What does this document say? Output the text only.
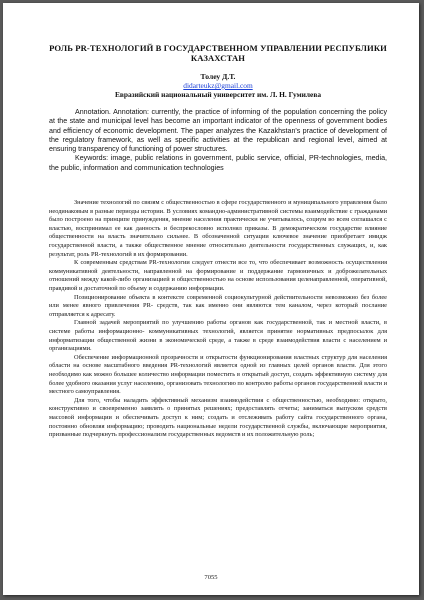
РОЛЬ PR-ТЕХНОЛОГИЙ В ГОСУДАРСТВЕННОМ УПРАВЛЕНИИ РЕСПУБЛИКИ КАЗАХСТАН

Толеу Д.Т.
didarteukz@gmail.com
Евразийский национальный университет им. Л. Н. Гумилева

Annotation. Annotation: currently, the practice of informing of the population concerning the policy at the state and municipal level has become an important indicator of the openness of government bodies and efficiency of economic development. The paper analyzes the Kazakhstan's practice of development of the regulatory framework, as well as specific activities at the republican and regional level, aimed at ensuring transparency of functioning of power structures.

Keywords: image, public relations in government, public service, official, PR-technologies, media, the public, information and communication technologies

Значение технологий по связям с общественностью в сфере государственного и муниципального управления было неодинаковым в разные периоды истории. В условиях командно-административной системы взаимодействие с гражданами было построено на принципе принуждения, мнение населения практически не учитывалось, социум во всем соглашался с властью, воспринимал ее как данность и беспрекословно исполнял приказы. В демократическом государстве влияние общественности на власть значительно сильнее. В обозначенной ситуации ключевое значение приобретает имидж государственной власти, а также общественное мнение относительно деятельности государственных служащих, и, как результат, роль PR-технологий в их формировании.

К современным средствам PR-технологии следует отнести все то, что обеспечивает возможность осуществления коммуникативной деятельности, направленной на формирование и поддержание гармоничных и доброжелательных отношений между какой-либо организацией и общественностью на основе использования целенаправленной, оперативной, правдивой и достаточной по объему и содержанию информации.

Позиционирование объекта в контексте современной социокультурной действительности невозможно без более или менее явного привлечения PR- средств, так как именно они являются тем каналом, через который послание отправляется к адресату.

Главной задачей мероприятий по улучшению работы органов как государственной, так и местной власти, в системе работы информационно- коммуникативных технологий, является принятие нормативных предпосылок для информатизации общественной жизни в экономической среде, а также в среде взаимодействия власти с населением и организациями.

Обеспечение информационной прозрачности и открытости функционирования властных структур для населения области на основе масштабного введения PR-технологий является одной из главных целей органов власти. Для этого необходимо как можно большее количество информации поместить в открытый доступ, создать эффективную систему для более удобного оказания услуг населению, организовать технологию по контролю работы органов государственной власти и местного самоуправления.

Для того, чтобы наладить эффективный механизм взаимодействия с общественностью, необходимо: открыто, конструктивно и своевременно заявлять о принятых решениях; предоставлять отчеты; заниматься выпуском средств массовой информации и обеспечивать доступ к ним; создать и отслеживать работу сайта государственного органа, постоянно обновляя информацию; проводить национальные недели государственной службы, включающие мероприятия, призванные подчеркнуть профессионализм государственных ведомств и их положительную роль;

7055
